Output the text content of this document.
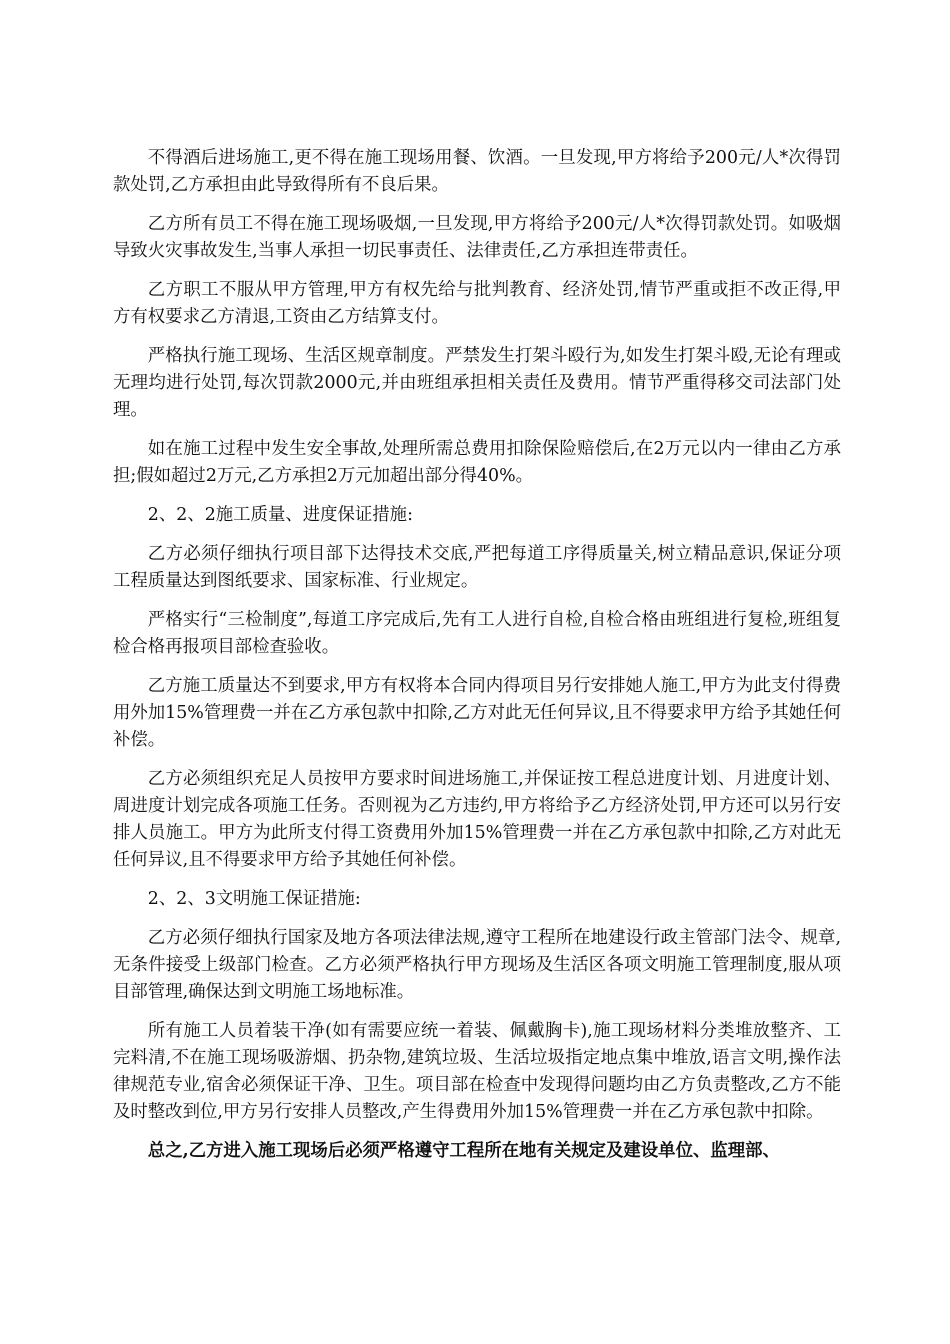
不得酒后进场施工,更不得在施工现场用餐、饮酒。一旦发现,甲方将给予200元/人*次得罚款处罚,乙方承担由此导致得所有不良后果。

乙方所有员工不得在施工现场吸烟,一旦发现,甲方将给予200元/人*次得罚款处罚。如吸烟导致火灾事故发生,当事人承担一切民事责任、法律责任,乙方承担连带责任。

乙方职工不服从甲方管理,甲方有权先给与批判教育、经济处罚,情节严重或拒不改正得,甲方有权要求乙方清退,工资由乙方结算支付。

严格执行施工现场、生活区规章制度。严禁发生打架斗殴行为,如发生打架斗殴,无论有理或无理均进行处罚,每次罚款2000元,并由班组承担相关责任及费用。情节严重得移交司法部门处理。

如在施工过程中发生安全事故,处理所需总费用扣除保险赔偿后,在2万元以内一律由乙方承担;假如超过2万元,乙方承担2万元加超出部分得40%。

2、2、2施工质量、进度保证措施:

乙方必须仔细执行项目部下达得技术交底,严把每道工序得质量关,树立精品意识,保证分项工程质量达到图纸要求、国家标准、行业规定。

严格实行“三检制度”,每道工序完成后,先有工人进行自检,自检合格由班组进行复检,班组复检合格再报项目部检查验收。

乙方施工质量达不到要求,甲方有权将本合同内得项目另行安排她人施工,甲方为此支付得费用外加15%管理费一并在乙方承包款中扣除,乙方对此无任何异议,且不得要求甲方给予其她任何补偿。

乙方必须组织充足人员按甲方要求时间进场施工,并保证按工程总进度计划、月进度计划、周进度计划完成各项施工任务。否则视为乙方违约,甲方将给予乙方经济处罚,甲方还可以另行安排人员施工。甲方为此所支付得工资费用外加15%管理费一并在乙方承包款中扣除,乙方对此无任何异议,且不得要求甲方给予其她任何补偿。

2、2、3文明施工保证措施:

乙方必须仔细执行国家及地方各项法律法规,遵守工程所在地建设行政主管部门法令、规章,无条件接受上级部门检查。乙方必须严格执行甲方现场及生活区各项文明施工管理制度,服从项目部管理,确保达到文明施工场地标准。

所有施工人员着装干净(如有需要应统一着装、佩戴胸卡),施工现场材料分类堆放整齐、工完料清,不在施工现场吸游烟、扔杂物,建筑垃圾、生活垃圾指定地点集中堆放,语言文明,操作法律规范专业,宿舍必须保证干净、卫生。项目部在检查中发现得问题均由乙方负责整改,乙方不能及时整改到位,甲方另行安排人员整改,产生得费用外加15%管理费一并在乙方承包款中扣除。

总之,乙方进入施工现场后必须严格遵守工程所在地有关规定及建设单位、监理部、
